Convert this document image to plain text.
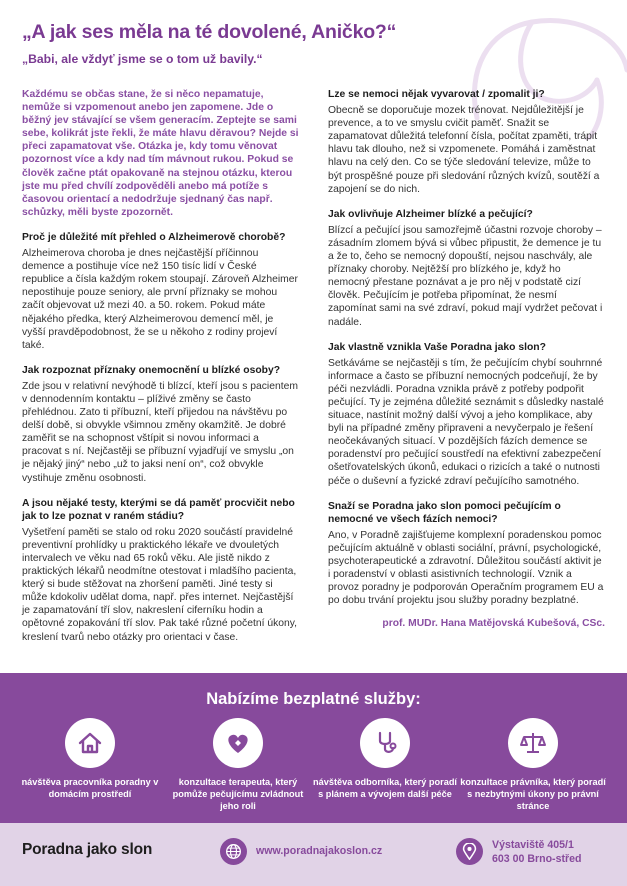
„A jak ses měla na té dovolené, Aničko?“
„Babi, ale vždyť jsme se o tom už bavily.“

Každému se občas stane, že si něco nepamatuje, nemůže si vzpomenout anebo jen zapomene. Jde o běžný jev stávající se všem generacím. Zeptejte se sami sebe, kolikrát jste řekli, že máte hlavu děravou? Nejde si přeci zapamatovat vše. Otázka je, kdy tomu věnovat pozornost více a kdy nad tím mávnout rukou. Pokud se člověk začne ptát opakovaně na stejnou otázku, kterou jste mu před chvílí zodpověděli anebo má potíže s časovou orientací a nedodržuje sjednaný čas např. schůzky, měli byste zpozornět.

Proč je důležité mít přehled o Alzheimerově chorobě?

Alzheimerova choroba je dnes nejčastější příčinnou demence a postihuje více než 150 tisíc lidí v České republice a čísla každým rokem stoupají. Zároveň Alzheimer nepostihuje pouze seniory, ale první příznaky se mohou začít objevovat už mezi 40. a 50. rokem. Pokud máte nějakého předka, který Alzheimerovou demencí měl, je vyšší pravděpodobnost, že se u někoho z rodiny projeví také.

Jak rozpoznat příznaky onemocnění u blízké osoby?

Zde jsou v relativní nevýhodě ti blízcí, kteří jsou s pacientem v dennodenním kontaktu – plíživé změny se často přehlédnou. Zato ti příbuzní, kteří přijedou na návštěvu po delší době, si obvykle všimnou změny okamžitě. Je dobré zaměřit se na schopnost vštípit si novou informaci a pracovat s ní. Nejčastěji se příbuzní vyjadřují ve smyslu „on je nějaký jiný“ nebo „už to jaksi není on“, což obvykle vystihuje změnu osobnosti.

A jsou nějaké testy, kterými se dá paměť procvičit nebo jak to lze poznat v raném stádiu?

Vyšetření paměti se stalo od roku 2020 součástí pravidelné preventivní prohlídky u praktického lékaře ve dvouletých intervalech ve věku nad 65 roků věku. Ale jistě nikdo z praktických lékařů neodmítne otestovat i mladšího pacienta, který si bude stěžovat na zhoršení paměti. Jiné testy si může kdokoliv udělat doma, např. přes internet. Nejčastější je zapamatování tří slov, nakreslení ciferníku hodin a opětovné zopakování tří slov. Pak také různé početní úkony, kreslení tvarů nebo otázky pro orientaci v čase.

Lze se nemoci nějak vyvarovat / zpomalit ji?

Obecně se doporučuje mozek trénovat. Nejdůležitější je prevence, a to ve smyslu cvičit paměť. Snažit se zapamatovat důležitá telefonní čísla, počítat zpaměti, trápit hlavu tak dlouho, než si vzpomenete. Pomáhá i zaměstnat hlavu na celý den. Co se týče sledování televize, může to být prospěšné pouze při sledování různých kvízů, soutěží a zapojení se do nich.

Jak ovlivňuje Alzheimer blízké a pečující?

Blízcí a pečující jsou samozřejmě účastni rozvoje choroby – zásadním zlomem bývá si vůbec připustit, že demence je tu a že to, čeho se nemocný dopouští, nejsou naschvály, ale příznaky choroby. Nejtěžší pro blízkého je, když ho nemocný přestane poznávat a je pro něj v podstatě cizí člověk. Pečujícím je potřeba připomínat, že nesmí zapomínat sami na své zdraví, pokud mají vydržet pečovat i nadále.

Jak vlastně vznikla Vaše Poradna jako slon?

Setkáváme se nejčastěji s tím, že pečujícím chybí souhrnné informace a často se příbuzní nemocných podceňují, že by péči nezvládli. Poradna vznikla právě z potřeby podpořit pečující. Ty je zejména důležité seznámit s důsledky nastalé situace, nastínit možný další vývoj a jeho komplikace, aby byli na případné změny připraveni a nevyčerpalo je řešení neočekávaných situací. V pozdějších fázích demence se poradenství pro pečující soustředí na efektivní zabezpečení ošetřovatelských úkonů, edukaci o rizicích a také o nutnosti péče o duševní a fyzické zdraví pečujícího samotného.

Snaží se Poradna jako slon pomoci pečujícím o nemocné ve všech fázích nemoci?

Ano, v Poradně zajišťujeme komplexní poradenskou pomoc pečujícím aktuálně v oblasti sociální, právní, psychologické, psychoterapeutické a zdravotní. Důležitou součástí aktivit je i poradenství v oblasti asistivních technologií. Vznik a provoz poradny je podporován Operačním programem EU a po dobu trvání projektu jsou služby poradny bezplatné.

prof. MUDr. Hana Matějovská Kubešová, CSc.

Nabízíme bezplatné služby:
návštěva pracovníka poradny v domácím prostředí
konzultace terapeuta, který pomůže pečujícímu zvládnout jeho roli
návštěva odborníka, který poradí s plánem a vývojem další péče
konzultace právníka, který poradí s nezbytnými úkony po právní stránce
Poradna jako slon	www.poradnajakoslon.cz	Výstaviště 405/1
603 00 Brno-střed
